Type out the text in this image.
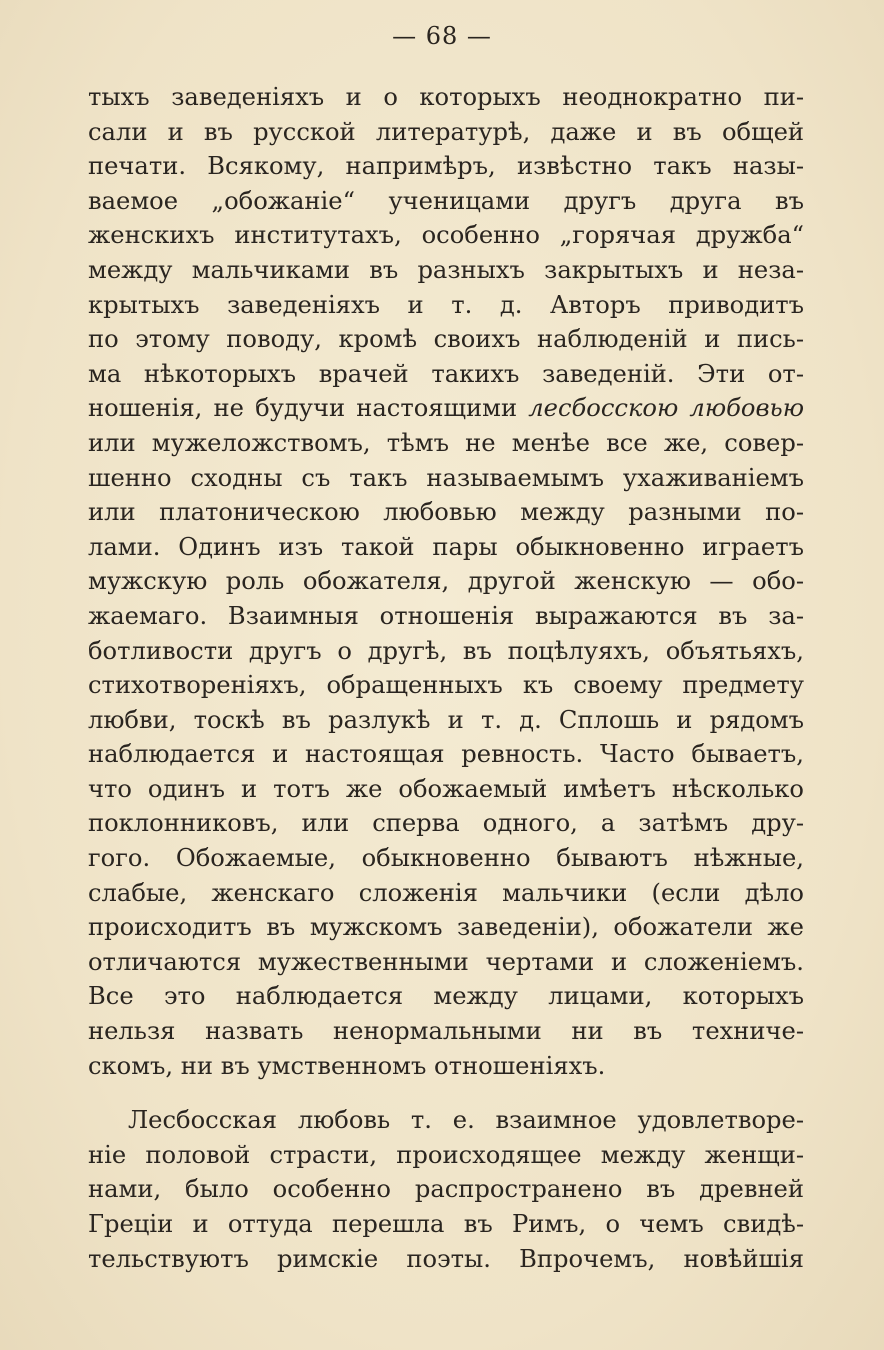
— 68 —
тыхъ заведеніяхъ и о которыхъ неоднократно пи-
сали и въ русской литературѣ, даже и въ общей
печати. Всякому, напримѣръ, извѣстно такъ назы-
ваемое „обожаніе“ ученицами другъ друга въ
женскихъ институтахъ, особенно „горячая дружба“
между мальчиками въ разныхъ закрытыхъ и неза-
крытыхъ заведеніяхъ и т. д. Авторъ приводитъ
по этому поводу, кромѣ своихъ наблюденій и пись-
ма нѣкоторыхъ врачей такихъ заведеній. Эти от-
ношенія, не будучи настоящими лесбосскою любовью
или мужеложствомъ, тѣмъ не менѣе все же, совер-
шенно сходны съ такъ называемымъ ухаживаніемъ
или платоническою любовью между разными по-
лами. Одинъ изъ такой пары обыкновенно играетъ
мужскую роль обожателя, другой женскую — обо-
жаемаго. Взаимныя отношенія выражаются въ за-
ботливости другъ о другѣ, въ поцѣлуяхъ, объятьяхъ,
стихотвореніяхъ, обращенныхъ къ своему предмету
любви, тоскѣ въ разлукѣ и т. д. Сплошь и рядомъ
наблюдается и настоящая ревность. Часто бываетъ,
что одинъ и тотъ же обожаемый имѣетъ нѣсколько
поклонниковъ, или сперва одного, а затѣмъ дру-
гого. Обожаемые, обыкновенно бываютъ нѣжные,
слабые, женскаго сложенія мальчики (если дѣло
происходитъ въ мужскомъ заведеніи), обожатели же
отличаются мужественными чертами и сложеніемъ.
Все это наблюдается между лицами, которыхъ
нельзя назвать ненормальными ни въ техниче-
скомъ, ни въ умственномъ отношеніяхъ.
Лесбосская любовь т. е. взаимное удовлетворе-
ніе половой страсти, происходящее между женщи-
нами, было особенно распространено въ древней
Греціи и оттуда перешла въ Римъ, о чемъ свидѣ-
тельствуютъ римскіе поэты. Впрочемъ, новѣйшія
